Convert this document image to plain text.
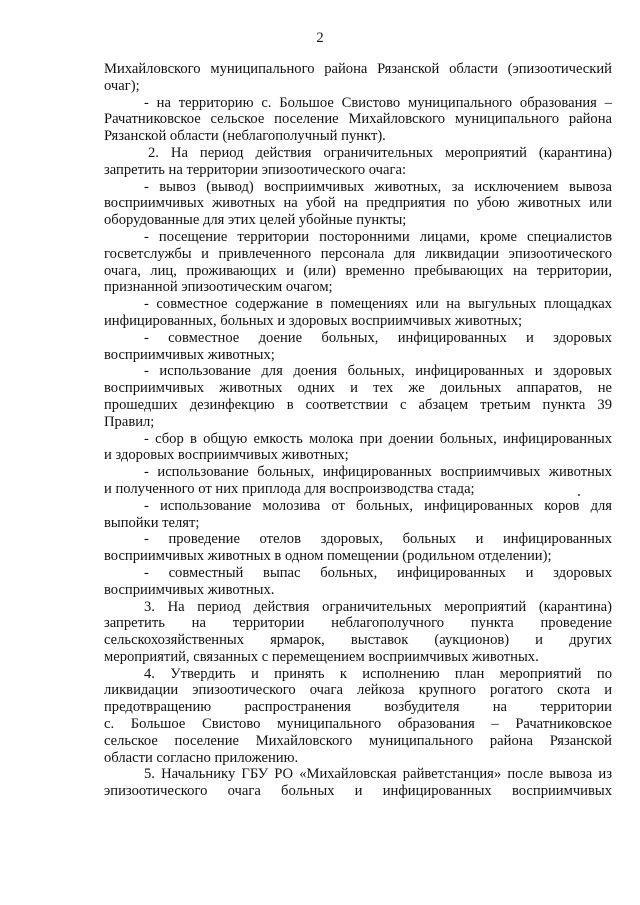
2
Михайловского муниципального района Рязанской области (эпизоотический
очаг);
- на территорию с. Большое Свистово муниципального образования –
Рачатниковское сельское поселение Михайловского муниципального района
Рязанской области (неблагополучный пункт).
2. На период действия ограничительных мероприятий (карантина)
запретить на территории эпизоотического очага:
- вывоз (вывод) восприимчивых животных, за исключением вывоза
восприимчивых животных на убой на предприятия по убою животных или
оборудованные для этих целей убойные пункты;
- посещение территории посторонними лицами, кроме специалистов
госветслужбы и привлеченного персонала для ликвидации эпизоотического
очага, лиц, проживающих и (или) временно пребывающих на территории,
признанной эпизоотическим очагом;
- совместное содержание в помещениях или на выгульных площадках
инфицированных, больных и здоровых восприимчивых животных;
- совместное доение больных, инфицированных и здоровых
восприимчивых животных;
- использование для доения больных, инфицированных и здоровых
восприимчивых животных одних и тех же доильных аппаратов, не
прошедших дезинфекцию в соответствии с абзацем третьим пункта 39
Правил;
- сбор в общую емкость молока при доении больных, инфицированных
и здоровых восприимчивых животных;
- использование больных, инфицированных восприимчивых животных
и полученного от них приплода для воспроизводства стада;
- использование молозива от больных, инфицированных коров для
выпойки телят;
- проведение отелов здоровых, больных и инфицированных
восприимчивых животных в одном помещении (родильном отделении);
- совместный выпас больных, инфицированных и здоровых
восприимчивых животных.
3. На период действия ограничительных мероприятий (карантина)
запретить на территории неблагополучного пункта проведение
сельскохозяйственных ярмарок, выставок (аукционов) и других
мероприятий, связанных с перемещением восприимчивых животных.
4. Утвердить и принять к исполнению план мероприятий по
ликвидации эпизоотического очага лейкоза крупного рогатого скота и
предотвращению распространения возбудителя на территории
с. Большое Свистово муниципального образования – Рачатниковское
сельское поселение Михайловского муниципального района Рязанской
области согласно приложению.
5. Начальнику ГБУ РО «Михайловская райветстанция» после вывоза из
эпизоотического очага больных и инфицированных восприимчивых
